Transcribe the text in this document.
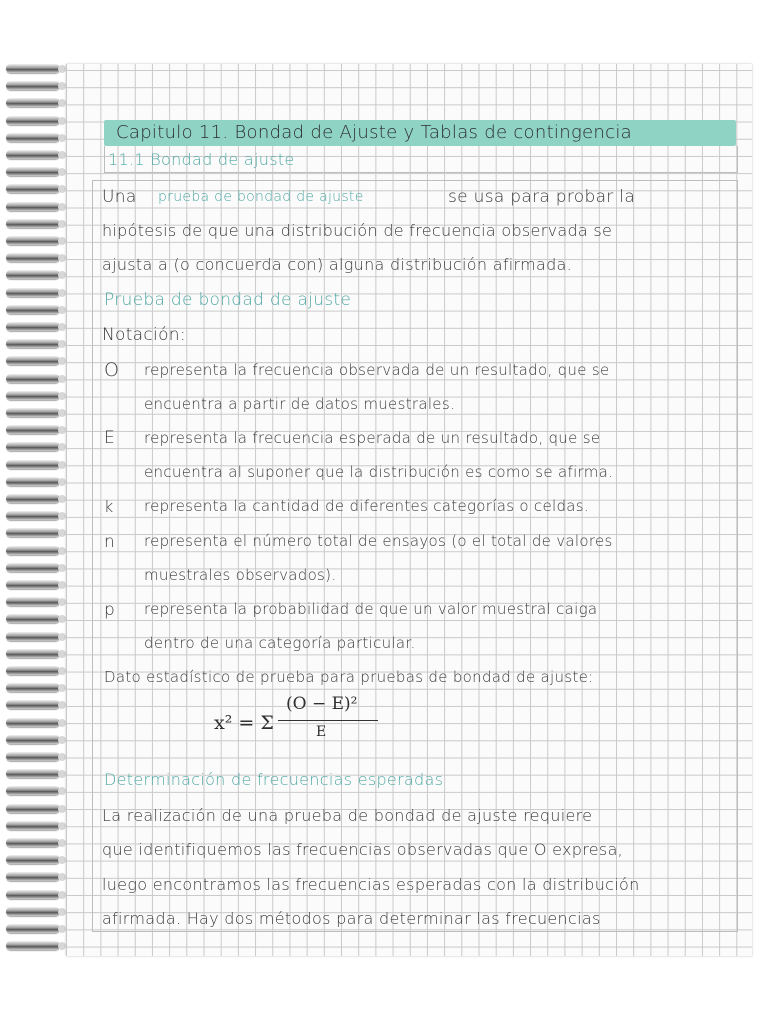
Capitulo 11. Bondad de Ajuste y Tablas de contingencia
11.1 Bondad de ajuste
Una prueba de bondad de ajuste	se usa para probar la
hipótesis de que una distribución de frecuencia observada se
ajusta a (o concuerda con) alguna distribución afirmada.
Prueba de bondad de ajuste
Notación:
O representa la frecuencia observada de un resultado, que se
encuentra a partir de datos muestrales.
E representa la frecuencia esperada de un resultado, que se
encuentra al suponer que la distribución es como se afirma.
k representa la cantidad de diferentes categorías o celdas.
n representa el número total de ensayos (o el total de valores
muestrales observados).
p representa la probabilidad de que un valor muestral caiga
dentro de una categoría particular.
Dato estadístico de prueba para pruebas de bondad de ajuste:
x² = Σ
(O − E)²
E
Determinación de frecuencias esperadas
La realización de una prueba de bondad de ajuste requiere
que identifiquemos las frecuencias observadas que O expresa,
luego encontramos las frecuencias esperadas con la distribución
afirmada. Hay dos métodos para determinar las frecuencias
